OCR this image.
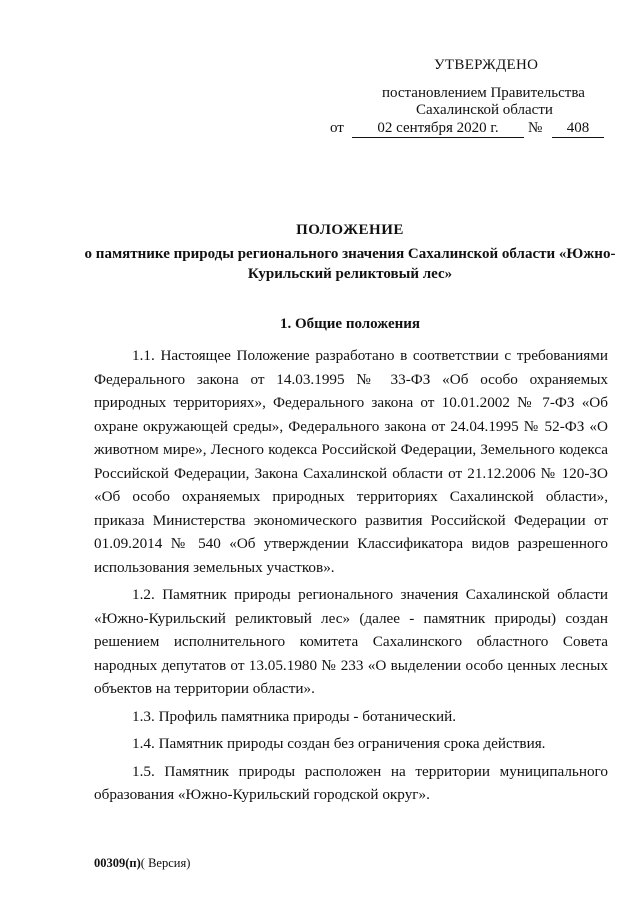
УТВЕРЖДЕНО
постановлением Правительства
Сахалинской области
от	02 сентября 2020 г.	№	408
ПОЛОЖЕНИЕ
о памятнике природы регионального значения Сахалинской области «Южно-Курильский реликтовый лес»
1. Общие положения

1.1. Настоящее Положение разработано в соответствии с требованиями Федерального закона от 14.03.1995 № 33-ФЗ «Об особо охраняемых природных территориях», Федерального закона от 10.01.2002 № 7-ФЗ «Об охране окружающей среды», Федерального закона от 24.04.1995 № 52-ФЗ «О животном мире», Лесного кодекса Российской Федерации, Земельного кодекса Российской Федерации, Закона Сахалинской области от 21.12.2006 № 120-ЗО «Об особо охраняемых природных территориях Сахалинской области», приказа Министерства экономического развития Российской Федерации от 01.09.2014 № 540 «Об утверждении Классификатора видов разрешенного использования земельных участков».

1.2. Памятник природы регионального значения Сахалинской области «Южно-Курильский реликтовый лес» (далее - памятник природы) создан решением исполнительного комитета Сахалинского областного Совета народных депутатов от 13.05.1980 № 233 «О выделении особо ценных лесных объектов на территории области».

1.3. Профиль памятника природы - ботанический.

1.4. Памятник природы создан без ограничения срока действия.

1.5. Памятник природы расположен на территории муниципального образования «Южно-Курильский городской округ».

00309(п)( Версия)
